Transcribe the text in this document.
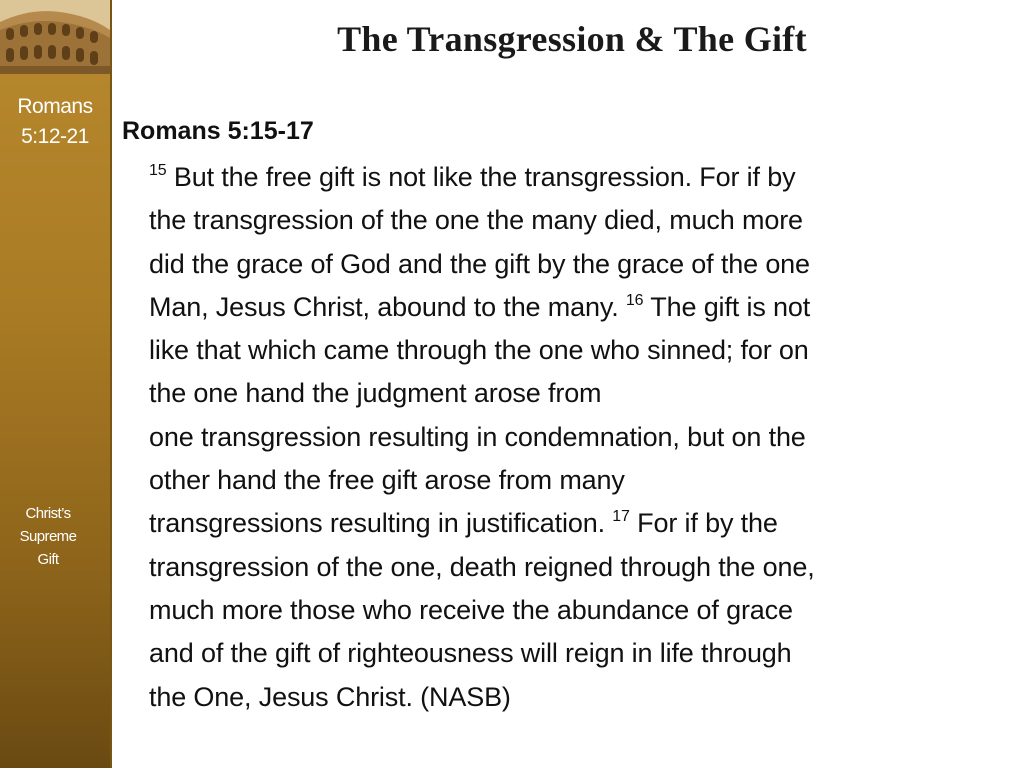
Romans
5:12-21
Christ’s
Supreme
Gift
The Transgression & The Gift
Romans 5:15-17
$^{15}$ But the free gift is not like the transgression. For if by
the transgression of the one the many died, much more
did the grace of God and the gift by the grace of the one
Man, Jesus Christ, abound to the many. $^{16}$ The gift is not
like that which came through the one who sinned; for on
the one hand the judgment arose from
one transgression resulting in condemnation, but on the
other hand the free gift arose from many
transgressions resulting in justification. $^{17}$ For if by the
transgression of the one, death reigned through the one,
much more those who receive the abundance of grace
and of the gift of righteousness will reign in life through
the One, Jesus Christ. (NASB)
